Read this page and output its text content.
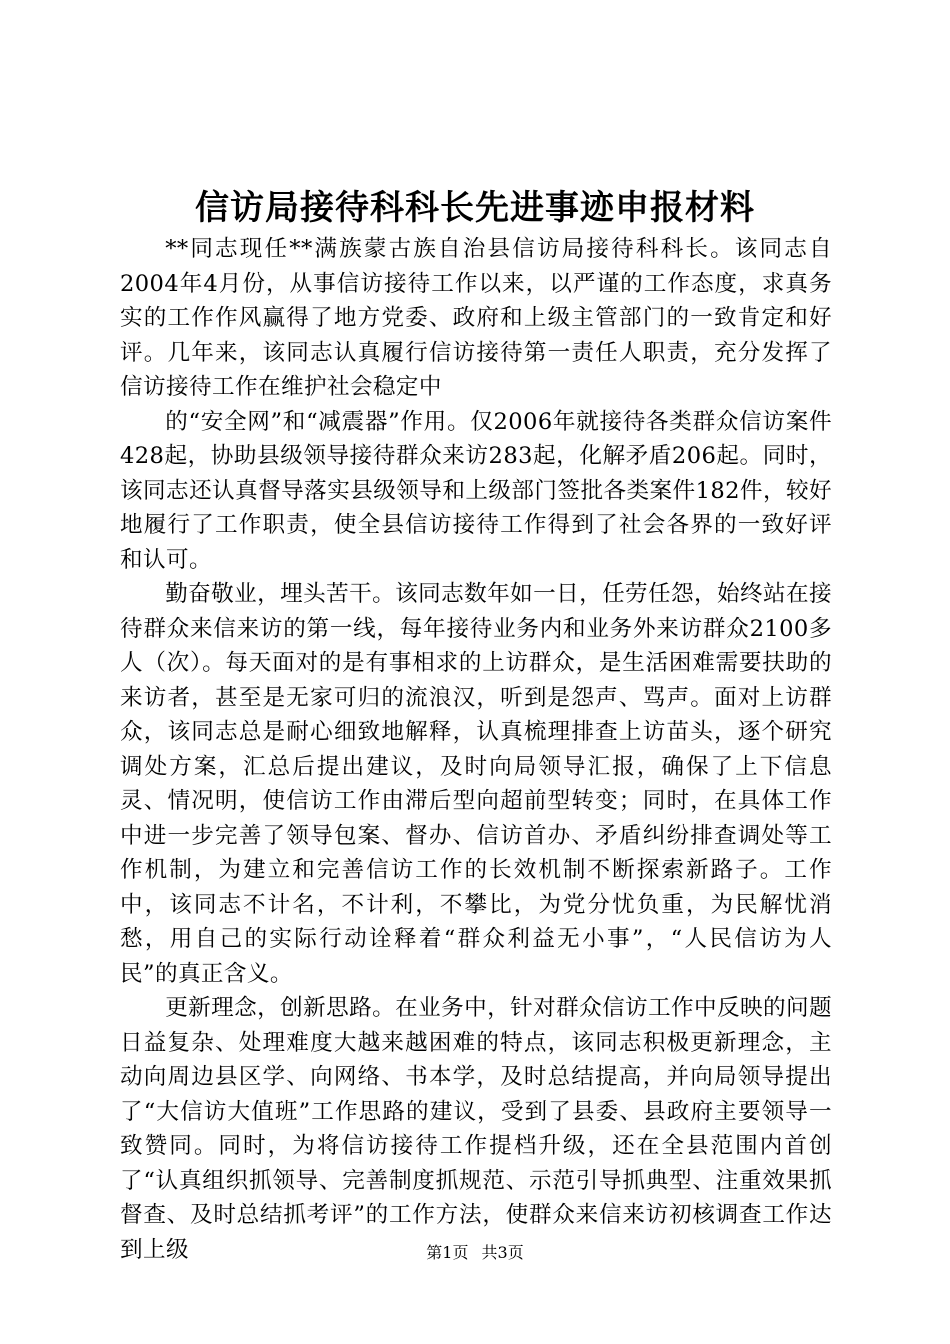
信访局接待科科长先进事迹申报材料

**同志现任**满族蒙古族自治县信访局接待科科长。该同志自2004年4月份，从事信访接待工作以来，以严谨的工作态度，求真务实的工作作风赢得了地方党委、政府和上级主管部门的一致肯定和好评。几年来，该同志认真履行信访接待第一责任人职责，充分发挥了信访接待工作在维护社会稳定中

的“安全网”和“减震器”作用。仅2006年就接待各类群众信访案件428起，协助县级领导接待群众来访283起，化解矛盾206起。同时，该同志还认真督导落实县级领导和上级部门签批各类案件182件，较好地履行了工作职责，使全县信访接待工作得到了社会各界的一致好评和认可。

勤奋敬业，埋头苦干。该同志数年如一日，任劳任怨，始终站在接待群众来信来访的第一线，每年接待业务内和业务外来访群众2100多人（次）。每天面对的是有事相求的上访群众，是生活困难需要扶助的来访者，甚至是无家可归的流浪汉，听到是怨声、骂声。面对上访群众，该同志总是耐心细致地解释，认真梳理排查上访苗头，逐个研究调处方案，汇总后提出建议，及时向局领导汇报，确保了上下信息灵、情况明，使信访工作由滞后型向超前型转变；同时，在具体工作中进一步完善了领导包案、督办、信访首办、矛盾纠纷排查调处等工作机制，为建立和完善信访工作的长效机制不断探索新路子。工作中，该同志不计名，不计利，不攀比，为党分忧负重，为民解忧消愁，用自己的实际行动诠释着“群众利益无小事”，“人民信访为人民”的真正含义。

更新理念，创新思路。在业务中，针对群众信访工作中反映的问题日益复杂、处理难度大越来越困难的特点，该同志积极更新理念，主动向周边县区学、向网络、书本学，及时总结提高，并向局领导提出了“大信访大值班”工作思路的建议，受到了县委、县政府主要领导一致赞同。同时，为将信访接待工作提档升级，还在全县范围内首创了“认真组织抓领导、完善制度抓规范、示范引导抓典型、注重效果抓督查、及时总结抓考评”的工作方法，使群众来信来访初核调查工作达到上级	第1页 共3页
